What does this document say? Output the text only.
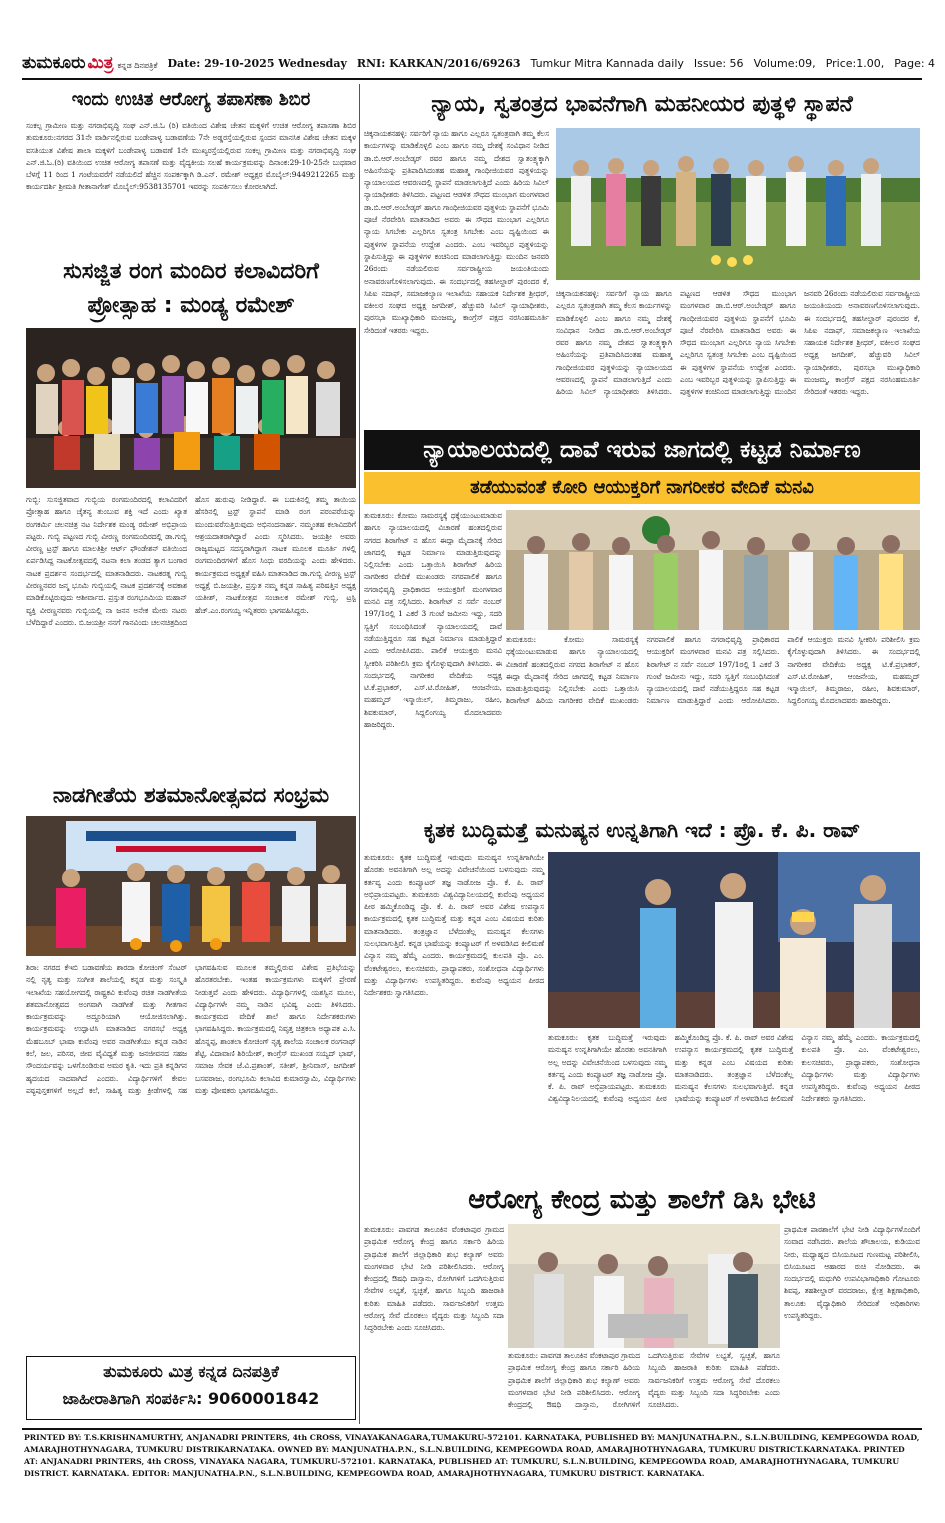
ತುಮಕೂರು ಮಿತ್ರ ಕನ್ನಡ ದಿನಪತ್ರಿಕೆ Date: 29-10-2025 Wednesday RNI: KARKAN/2016/69263 Tumkur Mitra Kannada daily Issue: 56 Volume:09, Price:1.00, Page: 4
ಇಂದು ಉಚಿತ ಆರೋಗ್ಯ ತಪಾಸಣಾ ಶಿಬಿರ
ಸಂಕಲ್ಪ ಗ್ರಾಮೀಣ ಮತ್ತು ನಗರಾಭಿವೃದ್ಧಿ ಸಂಘ ಎನ್.ಜಿ.ಓ (ರಿ) ವತಿಯಿಂದ ವಿಶೇಷ ಚೇತನ ಮಕ್ಕಳಿಗೆ ಉಚಿತ ಆರೋಗ್ಯ ತಪಾಸಣಾ ಶಿಬಿರ ತುಮಕೂರು:ನಗರದ 31ನೇ ವಾರ್ಡಿನಲ್ಲಿರುವ ಬಂಡೇಪಾಳ್ಯ ಬಡಾವಣೆಯ 7ನೇ ಅಡ್ಡರಸ್ತೆಯಲ್ಲಿರುವ ಸ್ಪಂದನ ಮಾನಸಿಕ ವಿಶೇಷ ಚೇತನ ಮಕ್ಕಳ ವಸತಿಯುತ ವಿಶೇಷ ಶಾಲಾ ಮಕ್ಕಳಿಗೆ ಬಂಡೇಪಾಳ್ಯ ಬಡಾವಣೆ 1ನೇ ಮುಖ್ಯರಸ್ತೆಯಲ್ಲಿರುವ ಸಂಕಲ್ಪ ಗ್ರಾಮೀಣ ಮತ್ತು ನಗರಾಭಿವೃದ್ಧಿ ಸಂಘ ಎನ್.ಜಿ.ಓ.(ರಿ) ವತಿಯಿಂದ ಉಚಿತ ಆರೋಗ್ಯ ತಪಾಸಣೆ ಮತ್ತು ವೈದ್ಯಕೀಯ ಸಲಹೆ ಕಾರ್ಯಕ್ರಮವನ್ನು ದಿನಾಂಕ:29-10-25ನೇ ಬುಧವಾರ ಬೆಳಗ್ಗೆ 11 ರಿಂದ 1 ಗಂಟೆಯವರೆಗೆ ನಡೆಯಲಿದೆ ಹೆಚ್ಚಿನ ಸಂಪರ್ಕಕ್ಕಾಗಿ ಡಿ.ಎನ್. ರಮೇಶ್ ಅಧ್ಯಕ್ಷರ ಮೊಬೈಲ್:9449212265 ಮತ್ತು ಕಾರ್ಯದರ್ಶಿ ಶ್ರೀಮತಿ ಗೀತಾನಾಗೇಶ್ ಮೊಬೈಲ್:9538135701 ಇವರನ್ನು ಸಂಪರ್ಕಿಸಲು ಕೋರಲಾಗಿದೆ.
ಸುಸಜ್ಜಿತ ರಂಗ ಮಂದಿರ ಕಲಾವಿದರಿಗೆ
ಪ್ರೋತ್ಸಾಹ : ಮಂಡ್ಯ ರಮೇಶ್
ಗುಬ್ಬಿ: ಸುಸಜ್ಜಿತವಾದ ಗುಬ್ಬಿಯ ರಂಗಮಂದಿರದಲ್ಲಿ ಕಲಾವಿದರಿಗೆ ಪ್ರೋತ್ಸಾಹ ಹಾಗೂ ಚೈತನ್ಯ ತುಂಬುವ ಶಕ್ತಿ ಇದೆ ಎಂದು ಖ್ಯಾತ ರಂಗಕರ್ಮಿ ಚಲನಚಿತ್ರ ನಟ ನಿರ್ದೇಶಕ ಮಂಡ್ಯ ರಮೇಶ್ ಅಭಿಪ್ರಾಯ ಪಟ್ಟರು. ಗುಬ್ಬಿ ಪಟ್ಟಣದ ಗುಬ್ಬಿ ವೀರಣ್ಣ ರಂಗಮಂದಿರದಲ್ಲಿ ಡಾ.ಗುಬ್ಬಿ ವೀರಣ್ಣ ಟ್ರಸ್ಟ್ ಹಾಗೂ ಮಾಲತಿಶ್ರೀ ಆರ್ಟ್ ಫೌಂಡೇಶನ್ ವತಿಯಿಂದ ಏರ್ಪಡಿಸಿದ್ದ ನಾಟಕೋತ್ಸವದಲ್ಲಿ ನಟನಾ ಕಲಾ ತಂಡದ ತ್ಯಾಗ ಬಂಗಾರ ನಾಟಕ ಪ್ರದರ್ಶನ ಸಂದರ್ಭದಲ್ಲಿ ಮಾತನಾಡಿದರು. ನಾಟಕರತ್ನ ಗುಬ್ಬಿ ವೀರಣ್ಣನವರ ಜನ್ಮ ಭೂಮಿ ಗುಬ್ಬಿಯಲ್ಲಿ ನಾಟಕ ಪ್ರದರ್ಶನಕ್ಕೆ ಅವಕಾಶ ಮಾಡಿಕೊಟ್ಟಿರುವುದು ಆಶೀರ್ವಾದ. ಪ್ರಸ್ತುತ ರಂಗಭೂಮಿಯ ಮಹಾನ್ ವ್ಯಕ್ತಿ ವೀರಣ್ಣನವರು ಗುಬ್ಬಿಯಲ್ಲಿ ನಾ ಜನನ ಅನೇಕ ಮೇರು ನಟರು ಬೆಳೆದಿದ್ದಾರೆ ಎಂದರು. ಬಿ.ಜಯಶ್ರೀ ನನಗೆ ಗಾನವಿಂದು ಚಲನಚಿತ್ರದಿಂದ ಹೊಸ ಹುರುಪು ನೀಡಿದ್ದಾರೆ. ಈ ಬದುಕಿನಲ್ಲಿ ತಮ್ಮ ತಾಯಿಯ ಹೆಸರಿನಲ್ಲಿ ಟ್ರಸ್ಟ್ ಸ್ಥಾಪನೆ ಮಾಡಿ ರಂಗ ಪರಂಪರೆಯನ್ನು ಮುಂದುವರೆಸುತ್ತಿರುವುದು ಅಭಿನಂದನಾರ್ಹ. ನಮ್ಮಂತಹ ಕಲಾವಿದರಿಗೆ ಆಶ್ರಯದಾತರಾಗಿದ್ದಾರೆ ಎಂದು ಸ್ಮರಿಸಿದರು. ಜಯಶ್ರೀ ಅವರು ರಾಜ್ಯಮಟ್ಟದ ಸದಸ್ಯರಾಗಿದ್ದಾಗ ನಾಟಕ ಮೂಲಕ ಮೂರ್ತಿ ಗಳಲ್ಲಿ ರಂಗಮಂದಿರಗಳಿಗೆ ಹೊಸ ಸಿಂಧು ವರದಿಯನ್ನು ಎಂದು ಹೇಳಿದರು. ಕಾರ್ಯಕ್ರಮದ ಅಧ್ಯಕ್ಷತೆ ವಹಿಸಿ ಮಾತನಾಡಿದ ಡಾ.ಗುಬ್ಬಿ ವೀರಣ್ಣ ಟ್ರಸ್ಟ್ ಅಧ್ಯಕ್ಷೆ ಬಿ.ಜಯಶ್ರೀ, ಪ್ರಸ್ತುತ ನಮ್ಮ ಕನ್ನಡ ಸಾಹಿತ್ಯ ಪರಿಷತ್ತಿನ ಅಧ್ಯಕ್ಷ ಯತೀಶ್, ನಾಟಕೋತ್ಸವ ಸಂಚಾಲಕ ರಮೇಶ್ ಗುಬ್ಬಿ, ಟ್ರಸ್ಟಿ ಹೆಚ್.ಎಂ.ರಂಗಯ್ಯ ಇನ್ನಿತರರು ಭಾಗವಹಿಸಿದ್ದರು.
ನಾಡಗೀತೆಯ ಶತಮಾನೋತ್ಸವದ ಸಂಭ್ರಮ
ಶಿರಾ: ನಗರದ ಕೆಇಬಿ ಬಡಾವಣೆಯ ಶಾರದಾ ಕೋಚಿಂಗ್ ಸೆಂಟರ್ ನಲ್ಲಿ ನೃತ್ಯ ಮತ್ತು ಸಂಗೀತ ಶಾಲೆಯಲ್ಲಿ ಕನ್ನಡ ಮತ್ತು ಸಂಸ್ಕೃತಿ ಇಲಾಖೆಯ ಸಹಯೋಗದಲ್ಲಿ ರಾಷ್ಟ್ರಕವಿ ಕುವೆಂಪು ರಚಿತ ನಾಡಗೀತೆಯ ಶತಮಾನೋತ್ಸವದ ಅಂಗವಾಗಿ ನಾಡಗೀತೆ ಮತ್ತು ಗೀತಗಾನ ಕಾರ್ಯಕ್ರಮವನ್ನು ಅದ್ದೂರಿಯಾಗಿ ಆಯೋಜಿಸಲಾಗಿತ್ತು. ಕಾರ್ಯಕ್ರಮವನ್ನು ಉದ್ಘಾಟಿಸಿ ಮಾತನಾಡಿದ ನಗರಸಭೆ ಅಧ್ಯಕ್ಷ ಮೆಹಬೂಬ್ ಭಾಷಾ ಕುವೆಂಪು ಅವರ ನಾಡಗೀತೆಯು ಕನ್ನಡ ನಾಡಿನ ಕಲೆ, ಜಲ, ಪರಿಸರ, ಜೀವ ವೈವಿಧ್ಯತೆ ಮತ್ತು ಜನಜೀವನದ ಸಹಜ ಸೌಂದರ್ಯವನ್ನು ಒಳಗೊಂಡಿರುವ ಅಮರ ಕೃತಿ. ಇದು ಪ್ರತಿ ಕನ್ನಡಿಗನ ಹೃದಯದ ನಾದವಾಗಿದೆ ಎಂದರು. ವಿದ್ಯಾರ್ಥಿಗಳಿಗೆ ಕೇವಲ ಪಠ್ಯಪುಸ್ತಕಗಳಿಗೆ ಅಲ್ಲದೆ ಕಲೆ, ಸಾಹಿತ್ಯ ಮತ್ತು ಕ್ರೀಡೆಗಳಲ್ಲಿ ಸಹ ಭಾಗವಹಿಸುವ ಮೂಲಕ ತಮ್ಮಲ್ಲಿರುವ ವಿಶೇಷ ಪ್ರತಿಭೆಯನ್ನು ಹೊರತರಬೇಕು. ಇಂತಹ ಕಾರ್ಯಕ್ರಮಗಳು ಮಕ್ಕಳಿಗೆ ಪ್ರೇರಣೆ ನೀಡುತ್ತವೆ ಎಂದು ಹೇಳಿದರು. ವಿದ್ಯಾರ್ಥಿಗಳಲ್ಲಿ ಯಶಸ್ವಿನ ಮೂಲ, ವಿದ್ಯಾರ್ಥಿಗಳೇ ನಮ್ಮ ನಾಡಿನ ಭವಿಷ್ಯ ಎಂದು ತಿಳಿಸಿದರು. ಕಾರ್ಯಕ್ರಮದ ವೇದಿಕೆ ಶಾಲೆ ಹಾಗೂ ನಿರ್ದೇಶಕರುಗಳು ಭಾಗವಹಿಸಿದ್ದರು. ಕಾರ್ಯಕ್ರಮದಲ್ಲಿ ನಿವೃತ್ತ ಚಿತ್ರಕಲಾ ಅಧ್ಯಾಪಕ ಎ.ಸಿ. ಹೊನ್ನಪ್ಪ, ಶಾಂತಲಾ ಕೋಚಿಂಗ್ ನೃತ್ಯ ಶಾಲೆಯ ಸಂಚಾಲಕ ರಂಗನಾಥ್ ಶೆಟ್ಟಿ, ವಿದಾವಾಣಿ ಶಿರಿಯೇಶ್, ಕಾಂಗ್ರೆಸ್ ಮುಖಂಡ ಸಯ್ಯದ್ ಭಾಷ್, ಸಮಾಜ ಸೇವಕ ಜೆ.ವಿ.ಪ್ರಶಾಂತ್, ಸತೀಶ್, ಶ್ರೀನಿವಾಸ್, ಜಗದೀಶ್ ಬಸವರಾಜು, ರಂಗಭೂಮಿ ಕಲಾವಿದ ಕುಮಾರಸ್ವಾಮಿ, ವಿದ್ಯಾರ್ಥಿಗಳು ಮತ್ತು ಪೋಷಕರು ಭಾಗವಹಿಸಿದ್ದರು.
ತುಮಕೂರು ಮಿತ್ರ ಕನ್ನಡ ದಿನಪತ್ರಿಕೆ
ಜಾಹೀರಾತಿಗಾಗಿ ಸಂಪರ್ಕಿಸಿ: 9060001842
ನ್ಯಾಯ, ಸ್ವತಂತ್ರದ ಭಾವನೆಗಾಗಿ ಮಹನೀಯರ ಪುತ್ಥಳಿ ಸ್ಥಾಪನೆ
ಚಿಕ್ಕನಾಯಕನಹಳ್ಳಿ: ಸರ್ವರಿಗೆ ನ್ಯಾಯ ಹಾಗೂ ಎಲ್ಲರೂ ಸ್ವತಂತ್ರವಾಗಿ ತಮ್ಮ ಕೆಲಸ ಕಾರ್ಯಗಳನ್ನು ಮಾಡಿಕೊಳ್ಳಲಿ ಎಂಬ ಹಾಗೂ ನಮ್ಮ ದೇಶಕ್ಕೆ ಸಂವಿಧಾನ ನೀಡಿದ ಡಾ.ಬಿ.ಆರ್.ಅಂಬೇಡ್ಕರ್ ರವರ ಹಾಗೂ ನಮ್ಮ ದೇಶದ ಸ್ವಾತಂತ್ರ್ಯಕ್ಕಾಗಿ ಅಹಿಂಸೆಯನ್ನು ಪ್ರತಿಪಾದಿಸಿದಂತಹ ಮಹಾತ್ಮ ಗಾಂಧೀಜಿಯವರ ಪುತ್ಥಳಿಯನ್ನು ನ್ಯಾಯಾಲಯದ ಆವರಣದಲ್ಲಿ ಸ್ಥಾಪನೆ ಮಾಡಲಾಗುತ್ತಿದೆ ಎಂದು ಹಿರಿಯ ಸಿವಿಲ್ ನ್ಯಾಯಾಧೀಶರು ತಿಳಿಸಿದರು. ಪಟ್ಟಣದ ಆಡಳಿತ ಸೌಧದ ಮುಂಭಾಗ ಮಂಗಳವಾರ ಡಾ.ಬಿ.ಆರ್.ಅಂಬೇಡ್ಕರ್ ಹಾಗೂ ಗಾಂಧೀಜಿಯವರ ಪುತ್ಥಳಿಯ ಸ್ಥಾಪನೆಗೆ ಭೂಮಿ ಪೂಜೆ ನೆರವೇರಿಸಿ ಮಾತನಾಡಿದ ಅವರು ಈ ಸೌಧದ ಮುಂಭಾಗ ಎಲ್ಲರಿಗೂ ನ್ಯಾಯ ಸಿಗಬೇಕು ಎಲ್ಲರಿಗೂ ಸ್ವತಂತ್ರ ಸಿಗಬೇಕು ಎಂಬ ದೃಷ್ಟಿಯಿಂದ ಈ ಪುತ್ಥಳಿಗಳ ಸ್ಥಾಪನೆಯ ಉದ್ದೇಶ ಎಂದರು. ಎಂಬ ಇವರಿಬ್ಬರ ಪುತ್ಥಳಿಯನ್ನು ಸ್ಥಾಪಿಸುತ್ತಿದ್ದು ಈ ಪುತ್ಥಳಿಗಳ ಕಂಚಿನಿಂದ ಮಾಡಲಾಗುತ್ತಿದ್ದು ಮುಂದಿನ ಜನವರಿ 26ರಂದು ನಡೆಯಲಿರುವ ಸರ್ವರಾಷ್ಟ್ರೀಯ ಜಯಂತಿಯಂದು ಅನಾವರಣಗೊಳಿಸಲಾಗುವುದು. ಈ ಸಂದರ್ಭದಲ್ಲಿ ತಹಸೀಲ್ದಾರ್ ಪುರಂದರ ಕೆ, ಸಿಪಿಐ ನದಾಫ್, ಸಮಾಜಕಲ್ಯಾಣ ಇಲಾಖೆಯ ಸಹಾಯಕ ನಿರ್ದೇಶಕ ಶ್ರೀಧರ್, ವಕೀಲರ ಸಂಘದ ಅಧ್ಯಕ್ಷ ಜಗದೀಶ್, ಹೆಚ್ಚುವರಿ ಸಿವಿಲ್ ನ್ಯಾಯಾಧೀಶರು, ಪುರಸಭಾ ಮುಖ್ಯಾಧಿಕಾರಿ ಮಂಜಮ್ಮ, ಕಾಂಗ್ರೆಸ್ ಪಕ್ಷದ ನರಸಿಂಹಮೂರ್ತಿ ಸೇರಿದಂತೆ ಇತರರು ಇದ್ದರು.
ಚಿಕ್ಕನಾಯಕನಹಳ್ಳಿ: ಸರ್ವರಿಗೆ ನ್ಯಾಯ ಹಾಗೂ ಎಲ್ಲರೂ ಸ್ವತಂತ್ರವಾಗಿ ತಮ್ಮ ಕೆಲಸ ಕಾರ್ಯಗಳನ್ನು ಮಾಡಿಕೊಳ್ಳಲಿ ಎಂಬ ಹಾಗೂ ನಮ್ಮ ದೇಶಕ್ಕೆ ಸಂವಿಧಾನ ನೀಡಿದ ಡಾ.ಬಿ.ಆರ್.ಅಂಬೇಡ್ಕರ್ ರವರ ಹಾಗೂ ನಮ್ಮ ದೇಶದ ಸ್ವಾತಂತ್ರ್ಯಕ್ಕಾಗಿ ಅಹಿಂಸೆಯನ್ನು ಪ್ರತಿಪಾದಿಸಿದಂತಹ ಮಹಾತ್ಮ ಗಾಂಧೀಜಿಯವರ ಪುತ್ಥಳಿಯನ್ನು ನ್ಯಾಯಾಲಯದ ಆವರಣದಲ್ಲಿ ಸ್ಥಾಪನೆ ಮಾಡಲಾಗುತ್ತಿದೆ ಎಂದು ಹಿರಿಯ ಸಿವಿಲ್ ನ್ಯಾಯಾಧೀಶರು ತಿಳಿಸಿದರು. ಪಟ್ಟಣದ ಆಡಳಿತ ಸೌಧದ ಮುಂಭಾಗ ಮಂಗಳವಾರ ಡಾ.ಬಿ.ಆರ್.ಅಂಬೇಡ್ಕರ್ ಹಾಗೂ ಗಾಂಧೀಜಿಯವರ ಪುತ್ಥಳಿಯ ಸ್ಥಾಪನೆಗೆ ಭೂಮಿ ಪೂಜೆ ನೆರವೇರಿಸಿ ಮಾತನಾಡಿದ ಅವರು ಈ ಸೌಧದ ಮುಂಭಾಗ ಎಲ್ಲರಿಗೂ ನ್ಯಾಯ ಸಿಗಬೇಕು ಎಲ್ಲರಿಗೂ ಸ್ವತಂತ್ರ ಸಿಗಬೇಕು ಎಂಬ ದೃಷ್ಟಿಯಿಂದ ಈ ಪುತ್ಥಳಿಗಳ ಸ್ಥಾಪನೆಯ ಉದ್ದೇಶ ಎಂದರು. ಎಂಬ ಇವರಿಬ್ಬರ ಪುತ್ಥಳಿಯನ್ನು ಸ್ಥಾಪಿಸುತ್ತಿದ್ದು ಈ ಪುತ್ಥಳಿಗಳ ಕಂಚಿನಿಂದ ಮಾಡಲಾಗುತ್ತಿದ್ದು ಮುಂದಿನ ಜನವರಿ 26ರಂದು ನಡೆಯಲಿರುವ ಸರ್ವರಾಷ್ಟ್ರೀಯ ಜಯಂತಿಯಂದು ಅನಾವರಣಗೊಳಿಸಲಾಗುವುದು. ಈ ಸಂದರ್ಭದಲ್ಲಿ ತಹಸೀಲ್ದಾರ್ ಪುರಂದರ ಕೆ, ಸಿಪಿಐ ನದಾಫ್, ಸಮಾಜಕಲ್ಯಾಣ ಇಲಾಖೆಯ ಸಹಾಯಕ ನಿರ್ದೇಶಕ ಶ್ರೀಧರ್, ವಕೀಲರ ಸಂಘದ ಅಧ್ಯಕ್ಷ ಜಗದೀಶ್, ಹೆಚ್ಚುವರಿ ಸಿವಿಲ್ ನ್ಯಾಯಾಧೀಶರು, ಪುರಸಭಾ ಮುಖ್ಯಾಧಿಕಾರಿ ಮಂಜಮ್ಮ, ಕಾಂಗ್ರೆಸ್ ಪಕ್ಷದ ನರಸಿಂಹಮೂರ್ತಿ ಸೇರಿದಂತೆ ಇತರರು ಇದ್ದರು.
ನ್ಯಾಯಾಲಯದಲ್ಲಿ ದಾವೆ ಇರುವ ಜಾಗದಲ್ಲಿ ಕಟ್ಟಡ ನಿರ್ಮಾಣ
ತಡೆಯುವಂತೆ ಕೋರಿ ಆಯುಕ್ತರಿಗೆ ನಾಗರೀಕರ ವೇದಿಕೆ ಮನವಿ
ತುಮಕೂರು: ಕೋಮು ಸಾಮರಸ್ಯಕ್ಕೆ ಧಕ್ಕೆಯುಂಟುಮಾಡುವ ಹಾಗೂ ನ್ಯಾಯಾಲಯದಲ್ಲಿ ವಿಚಾರಣೆ ಹಂತದಲ್ಲಿರುವ ನಗರದ ಶಿರಾಗೇಟ್ ನ ಹೊಸ ಈದ್ಗಾ ಮೈದಾನಕ್ಕೆ ಸೇರಿದ ಜಾಗದಲ್ಲಿ ಕಟ್ಟಡ ನಿರ್ಮಾಣ ಮಾಡುತ್ತಿರುವುದನ್ನು ನಿಲ್ಲಿಸಬೇಕು ಎಂದು ಒತ್ತಾಯಿಸಿ ಶಿರಾಗೇಟ್ ಹಿರಿಯ ನಾಗರೀಕರ ವೇದಿಕೆ ಮುಖಂಡರು ನಗರಪಾಲಿಕೆ ಹಾಗೂ ನಗರಾಭಿವೃದ್ಧಿ ಪ್ರಾಧಿಕಾರದ ಆಯುಕ್ತರಿಗೆ ಮಂಗಳವಾರ ಮನವಿ ಪತ್ರ ಸಲ್ಲಿಸಿದರು. ಶಿರಾಗೇಟ್ ನ ಸರ್ವೆ ನಂಬರ್ 197/1ರಲ್ಲಿ 1 ಎಕರೆ 3 ಗುಂಟೆ ಜಮೀನು ಇದ್ದು, ಸದರಿ ಸ್ವತ್ತಿಗೆ ಸಂಬಂಧಿಸಿದಂತೆ ನ್ಯಾಯಾಲಯದಲ್ಲಿ ದಾವೆ ನಡೆಯುತ್ತಿದ್ದರೂ ಸಹ ಕಟ್ಟಡ ನಿರ್ಮಾಣ ಮಾಡುತ್ತಿದ್ದಾರೆ ಎಂದು ಆರೋಪಿಸಿದರು. ಪಾಲಿಕೆ ಆಯುಕ್ತರು ಮನವಿ ಸ್ವೀಕರಿಸಿ ಪರಿಶೀಲಿಸಿ ಕ್ರಮ ಕೈಗೊಳ್ಳುವುದಾಗಿ ತಿಳಿಸಿದರು. ಈ ಸಂದರ್ಭದಲ್ಲಿ ನಾಗರೀಕರ ವೇದಿಕೆಯ ಅಧ್ಯಕ್ಷ ಟಿ.ಕೆ.ಪ್ರಭಾಕರ್, ಎಸ್.ಟಿ.ರೋಹಿತ್, ಆಂಜನೇಯ, ಮಹಮ್ಮದ್ ಇಸ್ಮಾಯಿಲ್, ತಿಮ್ಮರಾಜು, ರಹೀಂ, ಶಿವಕುಮಾರ್, ಸಿದ್ದಲಿಂಗಯ್ಯ ಮೊದಲಾದವರು ಹಾಜರಿದ್ದರು.
ತುಮಕೂರು: ಕೋಮು ಸಾಮರಸ್ಯಕ್ಕೆ ಧಕ್ಕೆಯುಂಟುಮಾಡುವ ಹಾಗೂ ನ್ಯಾಯಾಲಯದಲ್ಲಿ ವಿಚಾರಣೆ ಹಂತದಲ್ಲಿರುವ ನಗರದ ಶಿರಾಗೇಟ್ ನ ಹೊಸ ಈದ್ಗಾ ಮೈದಾನಕ್ಕೆ ಸೇರಿದ ಜಾಗದಲ್ಲಿ ಕಟ್ಟಡ ನಿರ್ಮಾಣ ಮಾಡುತ್ತಿರುವುದನ್ನು ನಿಲ್ಲಿಸಬೇಕು ಎಂದು ಒತ್ತಾಯಿಸಿ ಶಿರಾಗೇಟ್ ಹಿರಿಯ ನಾಗರೀಕರ ವೇದಿಕೆ ಮುಖಂಡರು ನಗರಪಾಲಿಕೆ ಹಾಗೂ ನಗರಾಭಿವೃದ್ಧಿ ಪ್ರಾಧಿಕಾರದ ಆಯುಕ್ತರಿಗೆ ಮಂಗಳವಾರ ಮನವಿ ಪತ್ರ ಸಲ್ಲಿಸಿದರು. ಶಿರಾಗೇಟ್ ನ ಸರ್ವೆ ನಂಬರ್ 197/1ರಲ್ಲಿ 1 ಎಕರೆ 3 ಗುಂಟೆ ಜಮೀನು ಇದ್ದು, ಸದರಿ ಸ್ವತ್ತಿಗೆ ಸಂಬಂಧಿಸಿದಂತೆ ನ್ಯಾಯಾಲಯದಲ್ಲಿ ದಾವೆ ನಡೆಯುತ್ತಿದ್ದರೂ ಸಹ ಕಟ್ಟಡ ನಿರ್ಮಾಣ ಮಾಡುತ್ತಿದ್ದಾರೆ ಎಂದು ಆರೋಪಿಸಿದರು. ಪಾಲಿಕೆ ಆಯುಕ್ತರು ಮನವಿ ಸ್ವೀಕರಿಸಿ ಪರಿಶೀಲಿಸಿ ಕ್ರಮ ಕೈಗೊಳ್ಳುವುದಾಗಿ ತಿಳಿಸಿದರು. ಈ ಸಂದರ್ಭದಲ್ಲಿ ನಾಗರೀಕರ ವೇದಿಕೆಯ ಅಧ್ಯಕ್ಷ ಟಿ.ಕೆ.ಪ್ರಭಾಕರ್, ಎಸ್.ಟಿ.ರೋಹಿತ್, ಆಂಜನೇಯ, ಮಹಮ್ಮದ್ ಇಸ್ಮಾಯಿಲ್, ತಿಮ್ಮರಾಜು, ರಹೀಂ, ಶಿವಕುಮಾರ್, ಸಿದ್ದಲಿಂಗಯ್ಯ ಮೊದಲಾದವರು ಹಾಜರಿದ್ದರು.
ಕೃತಕ ಬುದ್ಧಿಮತ್ತೆ ಮನುಷ್ಯನ ಉನ್ನತಿಗಾಗಿ ಇದೆ : ಪ್ರೊ. ಕೆ. ಪಿ. ರಾವ್
ತುಮಕೂರು: ಕೃತಕ ಬುದ್ಧಿಮತ್ತೆ ಇರುವುದು ಮನುಷ್ಯನ ಉನ್ನತಿಗಾಗಿಯೇ ಹೊರತು ಅವನತಿಗಾಗಿ ಅಲ್ಲ ಅದನ್ನು ವಿವೇಚನೆಯಿಂದ ಬಳಸುವುದು ನಮ್ಮ ಕರ್ತವ್ಯ ಎಂದು ಕಂಪ್ಯೂಟರ್ ತಜ್ಞ ನಾಡೋಜ ಪ್ರೊ. ಕೆ. ಪಿ. ರಾವ್ ಅಭಿಪ್ರಾಯಪಟ್ಟರು. ತುಮಕೂರು ವಿಶ್ವವಿದ್ಯಾನಿಲಯದಲ್ಲಿ ಕುವೆಂಪು ಅಧ್ಯಯನ ಪೀಠ ಹಮ್ಮಿಕೊಂಡಿದ್ದ ಪ್ರೊ. ಕೆ. ಪಿ. ರಾವ್ ಅವರ ವಿಶೇಷ ಉಪನ್ಯಾಸ ಕಾರ್ಯಕ್ರಮದಲ್ಲಿ ಕೃತಕ ಬುದ್ಧಿಮತ್ತೆ ಮತ್ತು ಕನ್ನಡ ಎಂಬ ವಿಷಯದ ಕುರಿತು ಮಾತನಾಡಿದರು. ತಂತ್ರಜ್ಞಾನ ಬೆಳೆದಂತೆಲ್ಲ ಮನುಷ್ಯನ ಕೆಲಸಗಳು ಸುಲಭವಾಗುತ್ತಿವೆ. ಕನ್ನಡ ಭಾಷೆಯನ್ನು ಕಂಪ್ಯೂಟರ್ ಗೆ ಅಳವಡಿಸಿದ ಕೀಲಿಮಣೆ ವಿನ್ಯಾಸ ನಮ್ಮ ಹೆಮ್ಮೆ ಎಂದರು. ಕಾರ್ಯಕ್ರಮದಲ್ಲಿ ಕುಲಪತಿ ಪ್ರೊ. ಎಂ. ವೆಂಕಟೇಶ್ವರಲು, ಕುಲಸಚಿವರು, ಪ್ರಾಧ್ಯಾಪಕರು, ಸಂಶೋಧನಾ ವಿದ್ಯಾರ್ಥಿಗಳು ಮತ್ತು ವಿದ್ಯಾರ್ಥಿಗಳು ಉಪಸ್ಥಿತರಿದ್ದರು. ಕುವೆಂಪು ಅಧ್ಯಯನ ಪೀಠದ ನಿರ್ದೇಶಕರು ಸ್ವಾಗತಿಸಿದರು.
ತುಮಕೂರು: ಕೃತಕ ಬುದ್ಧಿಮತ್ತೆ ಇರುವುದು ಮನುಷ್ಯನ ಉನ್ನತಿಗಾಗಿಯೇ ಹೊರತು ಅವನತಿಗಾಗಿ ಅಲ್ಲ ಅದನ್ನು ವಿವೇಚನೆಯಿಂದ ಬಳಸುವುದು ನಮ್ಮ ಕರ್ತವ್ಯ ಎಂದು ಕಂಪ್ಯೂಟರ್ ತಜ್ಞ ನಾಡೋಜ ಪ್ರೊ. ಕೆ. ಪಿ. ರಾವ್ ಅಭಿಪ್ರಾಯಪಟ್ಟರು. ತುಮಕೂರು ವಿಶ್ವವಿದ್ಯಾನಿಲಯದಲ್ಲಿ ಕುವೆಂಪು ಅಧ್ಯಯನ ಪೀಠ ಹಮ್ಮಿಕೊಂಡಿದ್ದ ಪ್ರೊ. ಕೆ. ಪಿ. ರಾವ್ ಅವರ ವಿಶೇಷ ಉಪನ್ಯಾಸ ಕಾರ್ಯಕ್ರಮದಲ್ಲಿ ಕೃತಕ ಬುದ್ಧಿಮತ್ತೆ ಮತ್ತು ಕನ್ನಡ ಎಂಬ ವಿಷಯದ ಕುರಿತು ಮಾತನಾಡಿದರು. ತಂತ್ರಜ್ಞಾನ ಬೆಳೆದಂತೆಲ್ಲ ಮನುಷ್ಯನ ಕೆಲಸಗಳು ಸುಲಭವಾಗುತ್ತಿವೆ. ಕನ್ನಡ ಭಾಷೆಯನ್ನು ಕಂಪ್ಯೂಟರ್ ಗೆ ಅಳವಡಿಸಿದ ಕೀಲಿಮಣೆ ವಿನ್ಯಾಸ ನಮ್ಮ ಹೆಮ್ಮೆ ಎಂದರು. ಕಾರ್ಯಕ್ರಮದಲ್ಲಿ ಕುಲಪತಿ ಪ್ರೊ. ಎಂ. ವೆಂಕಟೇಶ್ವರಲು, ಕುಲಸಚಿವರು, ಪ್ರಾಧ್ಯಾಪಕರು, ಸಂಶೋಧನಾ ವಿದ್ಯಾರ್ಥಿಗಳು ಮತ್ತು ವಿದ್ಯಾರ್ಥಿಗಳು ಉಪಸ್ಥಿತರಿದ್ದರು. ಕುವೆಂಪು ಅಧ್ಯಯನ ಪೀಠದ ನಿರ್ದೇಶಕರು ಸ್ವಾಗತಿಸಿದರು.
ಆರೋಗ್ಯ ಕೇಂದ್ರ ಮತ್ತು ಶಾಲೆಗೆ ಡಿಸಿ ಭೇಟಿ
ತುಮಕೂರು: ಪಾವಗಡ ತಾಲೂಕಿನ ವೆಂಕಟಾಪುರ ಗ್ರಾಮದ ಪ್ರಾಥಮಿಕ ಆರೋಗ್ಯ ಕೇಂದ್ರ ಹಾಗೂ ಸರ್ಕಾರಿ ಹಿರಿಯ ಪ್ರಾಥಮಿಕ ಶಾಲೆಗೆ ಜಿಲ್ಲಾಧಿಕಾರಿ ಶುಭ ಕಲ್ಯಾಣ್ ಅವರು ಮಂಗಳವಾರ ಭೇಟಿ ನೀಡಿ ಪರಿಶೀಲಿಸಿದರು. ಆರೋಗ್ಯ ಕೇಂದ್ರದಲ್ಲಿ ಔಷಧಿ ದಾಸ್ತಾನು, ರೋಗಿಗಳಿಗೆ ಒದಗಿಸುತ್ತಿರುವ ಸೇವೆಗಳ ಲಭ್ಯತೆ, ಸ್ವಚ್ಛತೆ, ಹಾಗೂ ಸಿಬ್ಬಂದಿ ಹಾಜರಾತಿ ಕುರಿತು ಮಾಹಿತಿ ಪಡೆದರು. ಸಾರ್ವಜನಿಕರಿಗೆ ಉತ್ತಮ ಆರೋಗ್ಯ ಸೇವೆ ದೊರಕಲು ವೈದ್ಯರು ಮತ್ತು ಸಿಬ್ಬಂದಿ ಸದಾ ಸಿದ್ಧರಿರಬೇಕು ಎಂದು ಸೂಚಿಸಿದರು.
ತುಮಕೂರು: ಪಾವಗಡ ತಾಲೂಕಿನ ವೆಂಕಟಾಪುರ ಗ್ರಾಮದ ಪ್ರಾಥಮಿಕ ಆರೋಗ್ಯ ಕೇಂದ್ರ ಹಾಗೂ ಸರ್ಕಾರಿ ಹಿರಿಯ ಪ್ರಾಥಮಿಕ ಶಾಲೆಗೆ ಜಿಲ್ಲಾಧಿಕಾರಿ ಶುಭ ಕಲ್ಯಾಣ್ ಅವರು ಮಂಗಳವಾರ ಭೇಟಿ ನೀಡಿ ಪರಿಶೀಲಿಸಿದರು. ಆರೋಗ್ಯ ಕೇಂದ್ರದಲ್ಲಿ ಔಷಧಿ ದಾಸ್ತಾನು, ರೋಗಿಗಳಿಗೆ ಒದಗಿಸುತ್ತಿರುವ ಸೇವೆಗಳ ಲಭ್ಯತೆ, ಸ್ವಚ್ಛತೆ, ಹಾಗೂ ಸಿಬ್ಬಂದಿ ಹಾಜರಾತಿ ಕುರಿತು ಮಾಹಿತಿ ಪಡೆದರು. ಸಾರ್ವಜನಿಕರಿಗೆ ಉತ್ತಮ ಆರೋಗ್ಯ ಸೇವೆ ದೊರಕಲು ವೈದ್ಯರು ಮತ್ತು ಸಿಬ್ಬಂದಿ ಸದಾ ಸಿದ್ಧರಿರಬೇಕು ಎಂದು ಸೂಚಿಸಿದರು.
ಪ್ರಾಥಮಿಕ ಪಾಠಶಾಲೆಗೆ ಭೇಟಿ ನೀಡಿ ವಿದ್ಯಾರ್ಥಿಗಳೊಂದಿಗೆ ಸಂವಾದ ನಡೆಸಿದರು. ಶಾಲೆಯ ಶೌಚಾಲಯ, ಕುಡಿಯುವ ನೀರು, ಮಧ್ಯಾಹ್ನದ ಬಿಸಿಯೂಟದ ಗುಣಮಟ್ಟ ಪರಿಶೀಲಿಸಿ, ಬಿಸಿಯೂಟದ ಆಹಾರದ ರುಚಿ ನೋಡಿದರು. ಈ ಸಂದರ್ಭದಲ್ಲಿ ಮಧುಗಿರಿ ಉಪವಿಭಾಗಾಧಿಕಾರಿ ಗೋಟೂರು ಶಿವಪ್ಪ, ತಹಶೀಲ್ದಾರ್ ವರದರಾಜು, ಕ್ಷೇತ್ರ ಶಿಕ್ಷಣಾಧಿಕಾರಿ, ತಾಲೂಕು ವೈದ್ಯಾಧಿಕಾರಿ ಸೇರಿದಂತೆ ಅಧಿಕಾರಿಗಳು ಉಪಸ್ಥಿತರಿದ್ದರು.
PRINTED BY: T.S.KRISHNAMURTHY, ANJANADRI PRINTERS, 4th CROSS, VINAYAKANAGARA,TUMAKURU-572101. KARNATAKA, PUBLISHED BY: MANJUNATHA.P.N., S.L.N.BUILDING, KEMPEGOWDA ROAD, AMARAJHOTHYNAGARA, TUMKURU DISTRIKARNATAKA. OWNED BY: MANJUNATHA.P.N., S.L.N.BUILDING, KEMPEGOWDA ROAD, AMARAJHOTHYNAGARA, TUMKURU DISTRICT.KARNATAKA. PRINTED AT: ANJANADRI PRINTERS, 4th CROSS, VINAYAKA NAGARA, TUMKURU-572101. KARNATAKA, PUBLISHED AT: TUMKURU, S.L.N.BUILDING, KEMPEGOWDA ROAD, AMARAJHOTHYNAGARA, TUMKURU DISTRICT. KARNATAKA. EDITOR: MANJUNATHA.P.N., S.L.N.BUILDING, KEMPEGOWDA ROAD, AMARAJHOTHYNAGARA, TUMKURU DISTRICT. KARNATAKA.
